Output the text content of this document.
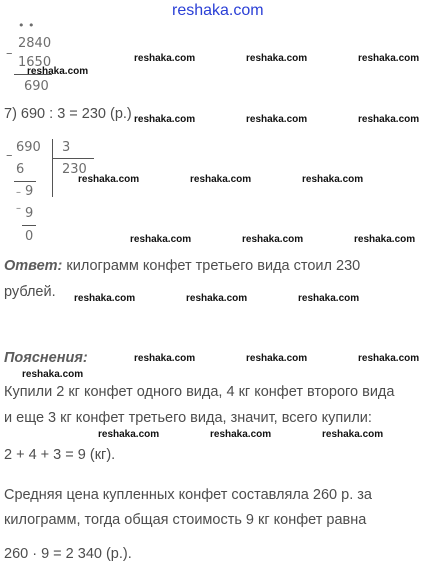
reshaka.com
• •
2840
–
1650
690
7) 690 : 3 = 230 (р.)
690
–
3
6	230
– 9
– 9
0
Ответ: килограмм конфет третьего вида стоил 230
рублей.
Пояснения:
Купили 2 кг конфет одного вида, 4 кг конфет второго вида
и еще 3 кг конфет третьего вида, значит, всего купили:
2 + 4 + 3 = 9 (кг).
Средняя цена купленных конфет составляла 260 р. за
килограмм, тогда общая стоимость 9 кг конфет равна
260 · 9 = 2 340 (р.).
reshaka.com
reshaka.com	reshaka.com	reshaka.com
reshaka.com	reshaka.com	reshaka.com
reshaka.com	reshaka.com	reshaka.com
reshaka.com	reshaka.com	reshaka.com
reshaka.com	reshaka.com	reshaka.com
reshaka.com	reshaka.com	reshaka.com
reshaka.com
reshaka.com	reshaka.com	reshaka.com
